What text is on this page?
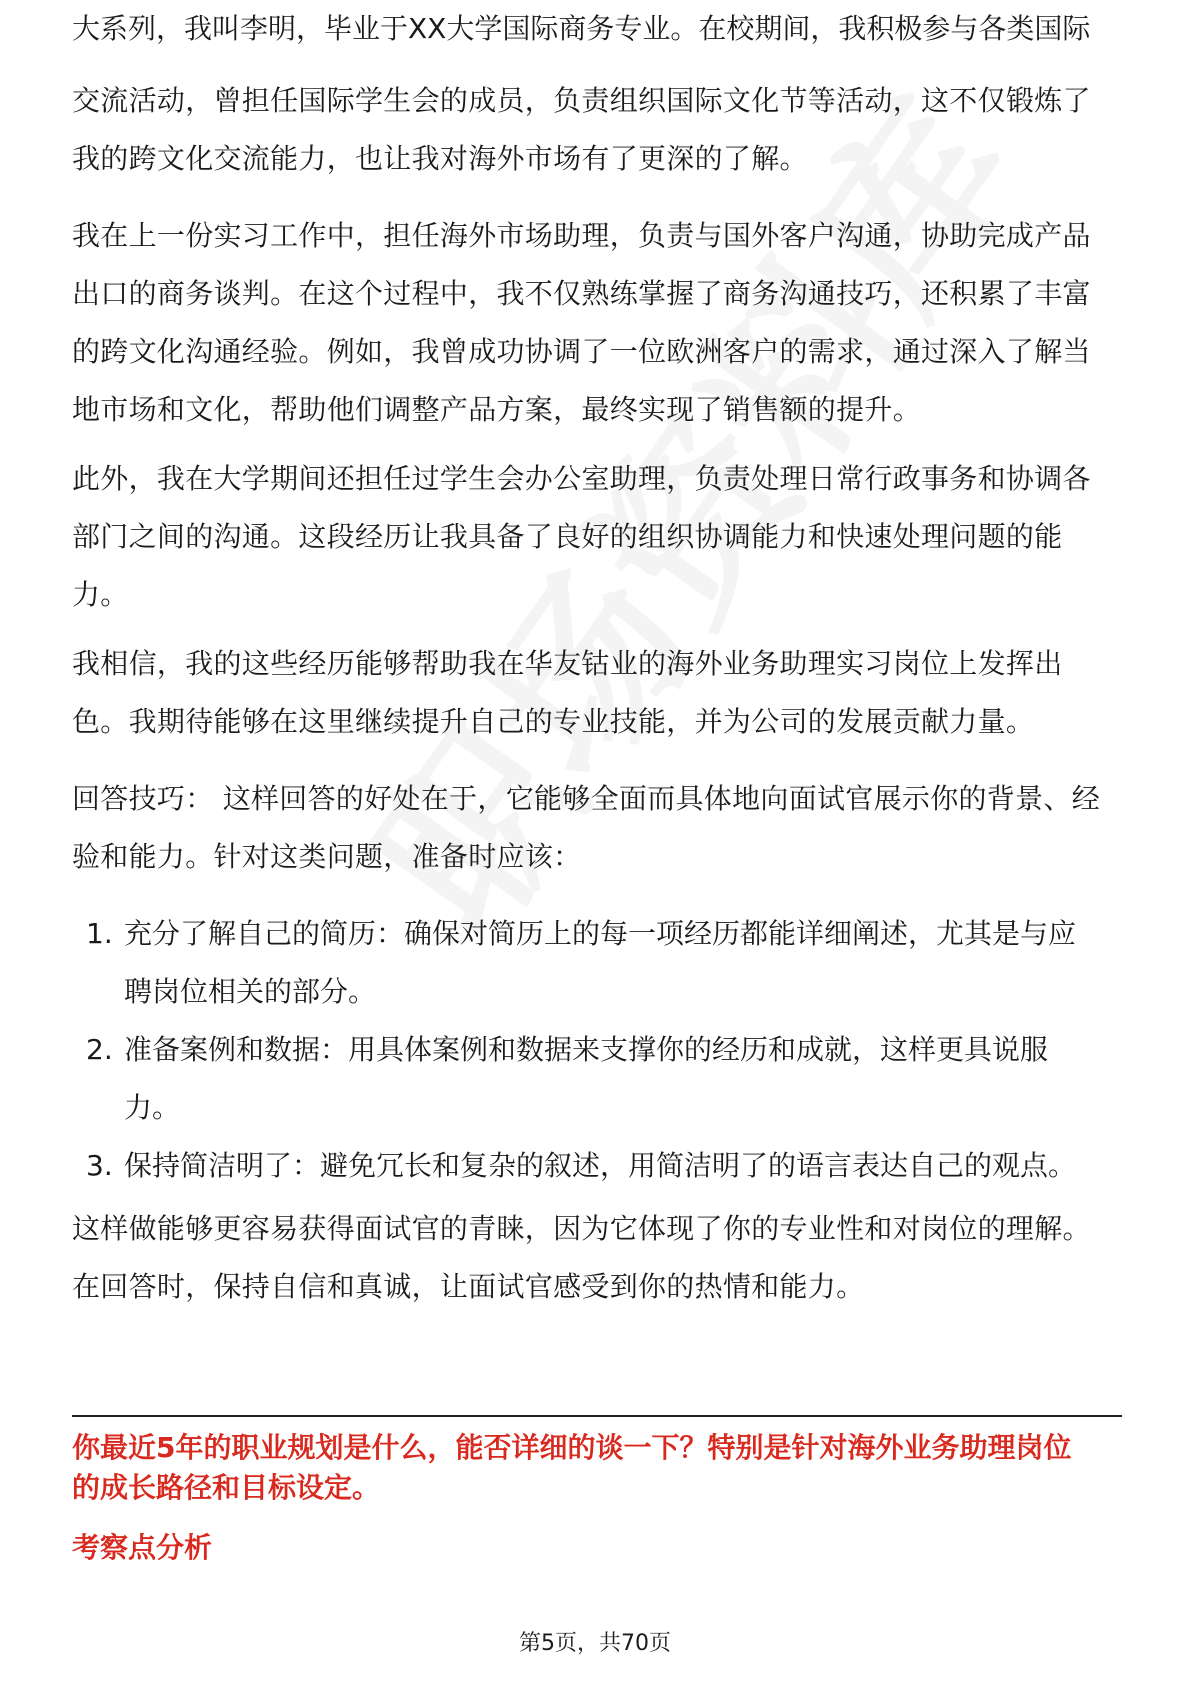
大系列，我叫李明，毕业于XX大学国际商务专业。在校期间，我积极参与各类国际
交流活动，曾担任国际学生会的成员，负责组织国际文化节等活动，这不仅锻炼了
我的跨文化交流能力，也让我对海外市场有了更深的了解。
我在上一份实习工作中，担任海外市场助理，负责与国外客户沟通，协助完成产品
出口的商务谈判。在这个过程中，我不仅熟练掌握了商务沟通技巧，还积累了丰富
的跨文化沟通经验。例如，我曾成功协调了一位欧洲客户的需求，通过深入了解当
地市场和文化，帮助他们调整产品方案，最终实现了销售额的提升。
此外，我在大学期间还担任过学生会办公室助理，负责处理日常行政事务和协调各
部门之间的沟通。这段经历让我具备了良好的组织协调能力和快速处理问题的能
力。
我相信，我的这些经历能够帮助我在华友钴业的海外业务助理实习岗位上发挥出
色。我期待能够在这里继续提升自己的专业技能，并为公司的发展贡献力量。
回答技巧： 这样回答的好处在于，它能够全面而具体地向面试官展示你的背景、经
验和能力。针对这类问题，准备时应该：
1. 充分了解自己的简历：确保对简历上的每一项经历都能详细阐述，尤其是与应
聘岗位相关的部分。
2. 准备案例和数据：用具体案例和数据来支撑你的经历和成就，这样更具说服
力。
3. 保持简洁明了：避免冗长和复杂的叙述，用简洁明了的语言表达自己的观点。
这样做能够更容易获得面试官的青睐，因为它体现了你的专业性和对岗位的理解。
在回答时，保持自信和真诚，让面试官感受到你的热情和能力。
你最近5年的职业规划是什么，能否详细的谈一下？特别是针对海外业务助理岗位
的成长路径和目标设定。
考察点分析
第5页，共70页
